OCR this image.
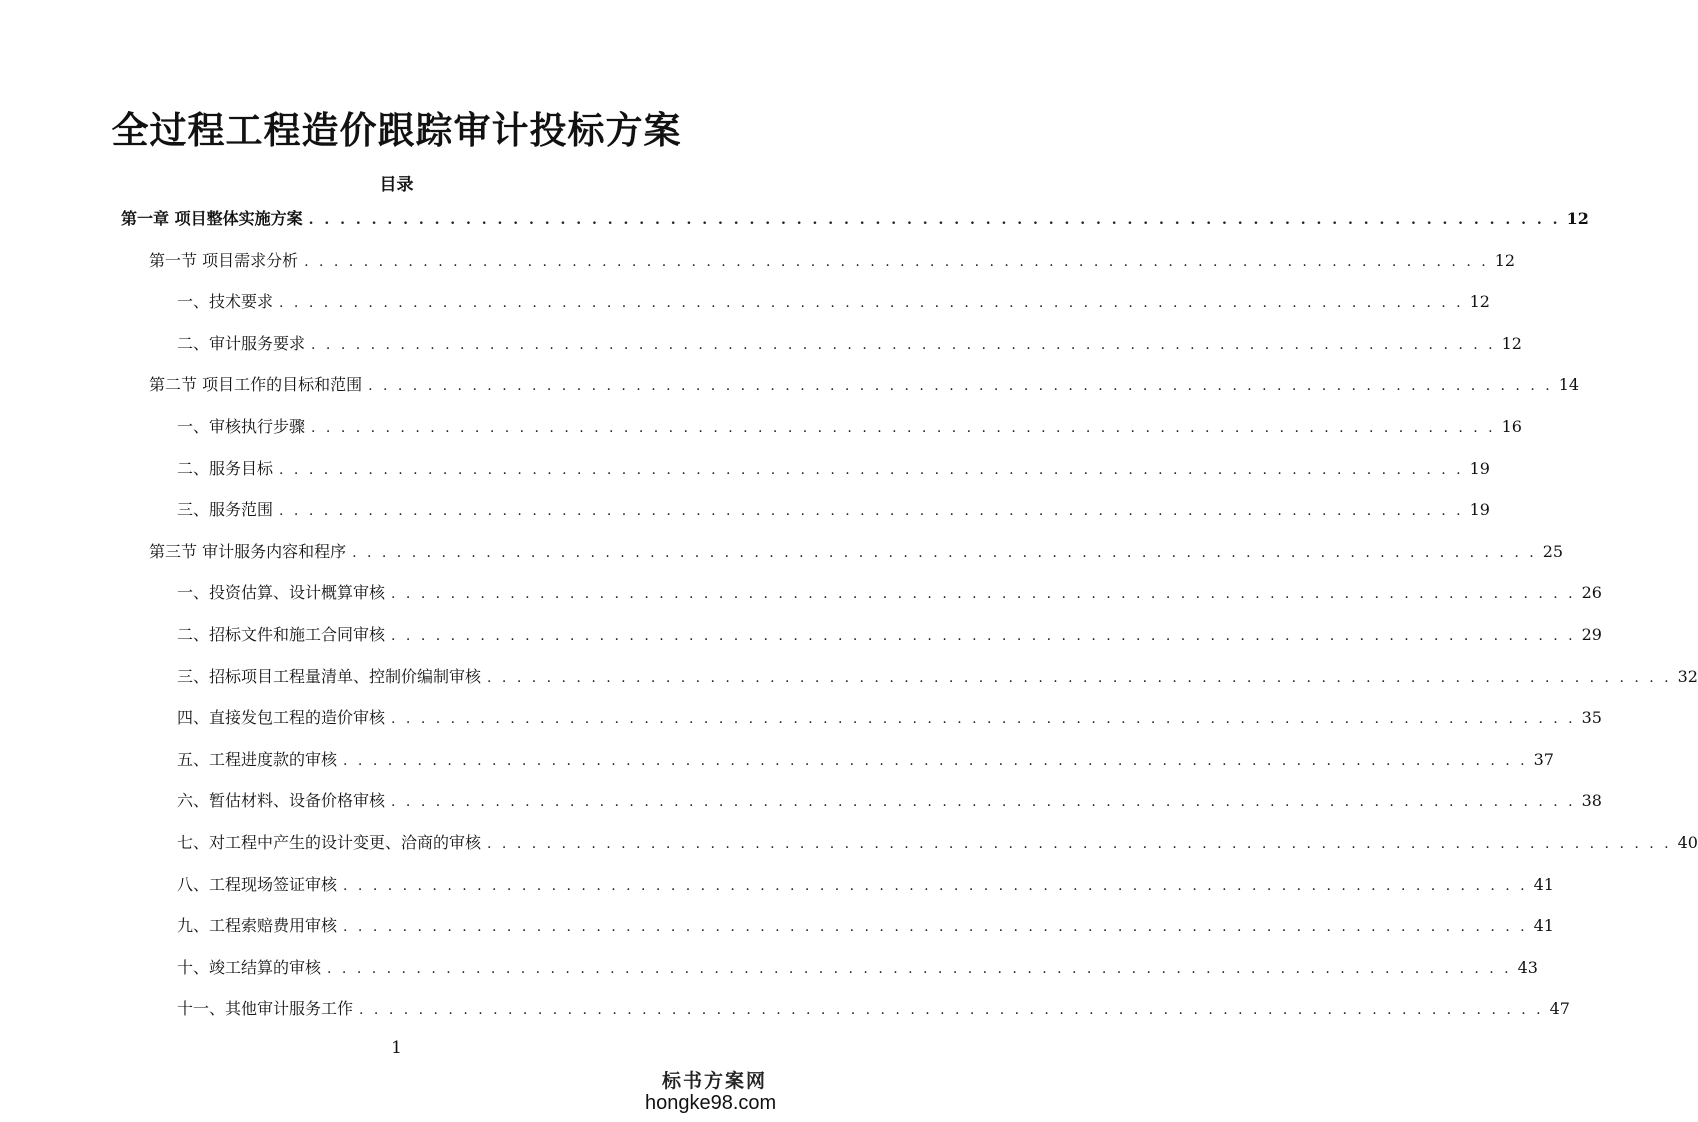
全过程工程造价跟踪审计投标方案
目录
第一章 项目整体实施方案 . . . . . . . . . . . . . . . . . . . . . . . . . . . . . . . . . . . . . . . . . . . . . . . . . . . . . . . . . . . . . . . . . . . . . . . . . . . . . . . . 12
第一节 项目需求分析 . . . . . . . . . . . . . . . . . . . . . . . . . . . . . . . . . . . . . . . . . . . . . . . . . . . . . . . . . . . . . . . . . . . . . . . . . . . . . . . . 12
一、技术要求 . . . . . . . . . . . . . . . . . . . . . . . . . . . . . . . . . . . . . . . . . . . . . . . . . . . . . . . . . . . . . . . . . . . . . . . . . . . . . . . . 12
二、审计服务要求 . . . . . . . . . . . . . . . . . . . . . . . . . . . . . . . . . . . . . . . . . . . . . . . . . . . . . . . . . . . . . . . . . . . . . . . . . . . . . . . . 12
第二节 项目工作的目标和范围 . . . . . . . . . . . . . . . . . . . . . . . . . . . . . . . . . . . . . . . . . . . . . . . . . . . . . . . . . . . . . . . . . . . . . . . . . . . . . . . . 14
一、审核执行步骤 . . . . . . . . . . . . . . . . . . . . . . . . . . . . . . . . . . . . . . . . . . . . . . . . . . . . . . . . . . . . . . . . . . . . . . . . . . . . . . . . 16
二、服务目标 . . . . . . . . . . . . . . . . . . . . . . . . . . . . . . . . . . . . . . . . . . . . . . . . . . . . . . . . . . . . . . . . . . . . . . . . . . . . . . . . 19
三、服务范围 . . . . . . . . . . . . . . . . . . . . . . . . . . . . . . . . . . . . . . . . . . . . . . . . . . . . . . . . . . . . . . . . . . . . . . . . . . . . . . . . 19
第三节 审计服务内容和程序 . . . . . . . . . . . . . . . . . . . . . . . . . . . . . . . . . . . . . . . . . . . . . . . . . . . . . . . . . . . . . . . . . . . . . . . . . . . . . . . . 25
一、投资估算、设计概算审核 . . . . . . . . . . . . . . . . . . . . . . . . . . . . . . . . . . . . . . . . . . . . . . . . . . . . . . . . . . . . . . . . . . . . . . . . . . . . . . . . 26
二、招标文件和施工合同审核 . . . . . . . . . . . . . . . . . . . . . . . . . . . . . . . . . . . . . . . . . . . . . . . . . . . . . . . . . . . . . . . . . . . . . . . . . . . . . . . . 29
三、招标项目工程量清单、控制价编制审核 . . . . . . . . . . . . . . . . . . . . . . . . . . . . . . . . . . . . . . . . . . . . . . . . . . . . . . . . . . . . . . . . . . . . . . . . . . . . . . . . 32
四、直接发包工程的造价审核 . . . . . . . . . . . . . . . . . . . . . . . . . . . . . . . . . . . . . . . . . . . . . . . . . . . . . . . . . . . . . . . . . . . . . . . . . . . . . . . . 35
五、工程进度款的审核 . . . . . . . . . . . . . . . . . . . . . . . . . . . . . . . . . . . . . . . . . . . . . . . . . . . . . . . . . . . . . . . . . . . . . . . . . . . . . . . . 37
六、暂估材料、设备价格审核 . . . . . . . . . . . . . . . . . . . . . . . . . . . . . . . . . . . . . . . . . . . . . . . . . . . . . . . . . . . . . . . . . . . . . . . . . . . . . . . . 38
七、对工程中产生的设计变更、洽商的审核 . . . . . . . . . . . . . . . . . . . . . . . . . . . . . . . . . . . . . . . . . . . . . . . . . . . . . . . . . . . . . . . . . . . . . . . . . . . . . . . . 40
八、工程现场签证审核 . . . . . . . . . . . . . . . . . . . . . . . . . . . . . . . . . . . . . . . . . . . . . . . . . . . . . . . . . . . . . . . . . . . . . . . . . . . . . . . . 41
九、工程索赔费用审核 . . . . . . . . . . . . . . . . . . . . . . . . . . . . . . . . . . . . . . . . . . . . . . . . . . . . . . . . . . . . . . . . . . . . . . . . . . . . . . . . 41
十、竣工结算的审核 . . . . . . . . . . . . . . . . . . . . . . . . . . . . . . . . . . . . . . . . . . . . . . . . . . . . . . . . . . . . . . . . . . . . . . . . . . . . . . . . 43
十一、其他审计服务工作 . . . . . . . . . . . . . . . . . . . . . . . . . . . . . . . . . . . . . . . . . . . . . . . . . . . . . . . . . . . . . . . . . . . . . . . . . . . . . . . . 47
1
标书方案网
hongke98.com
